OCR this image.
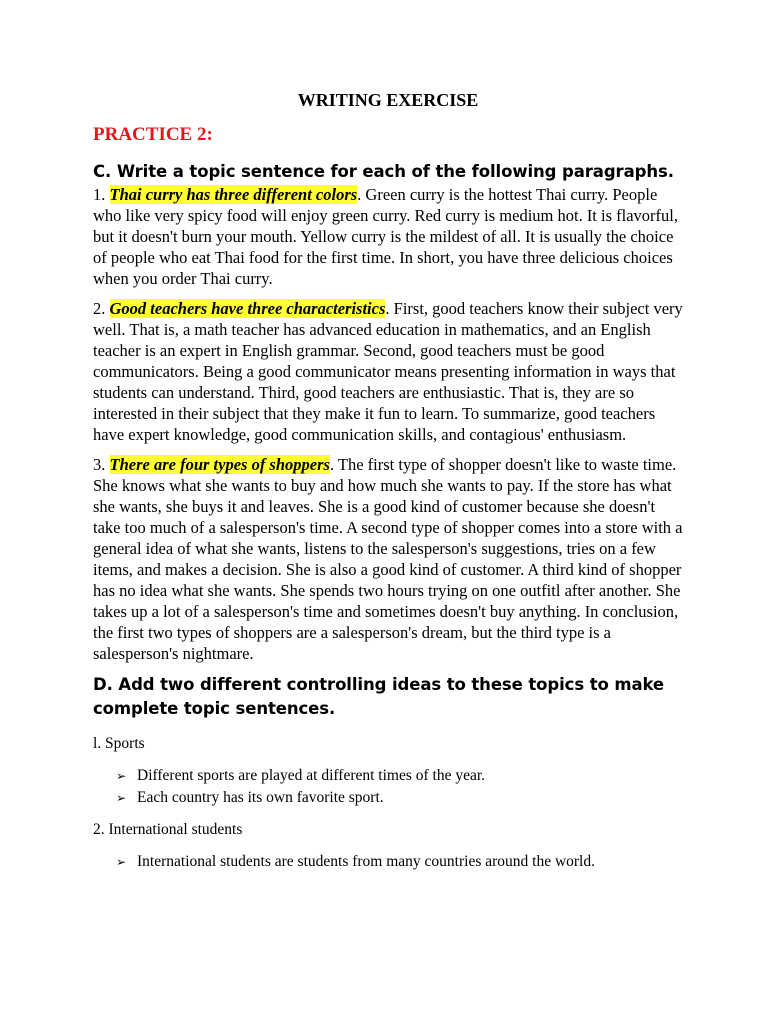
WRITING EXERCISE
PRACTICE 2:
C. Write a topic sentence for each of the following paragraphs.

1. Thai curry has three different colors. Green curry is the hottest Thai curry. People who like very spicy food will enjoy green curry. Red curry is medium hot. It is flavorful, but it doesn't burn your mouth. Yellow curry is the mildest of all. It is usually the choice of people who eat Thai food for the first time. In short, you have three delicious choices when you order Thai curry.

2. Good teachers have three characteristics. First, good teachers know their subject very well. That is, a math teacher has advanced education in mathematics, and an English teacher is an expert in English grammar. Second, good teachers must be good communicators. Being a good communicator means presenting information in ways that students can understand. Third, good teachers are enthusiastic. That is, they are so interested in their subject that they make it fun to learn. To summarize, good teachers have expert knowledge, good communication skills, and contagious' enthusiasm.

3. There are four types of shoppers. The first type of shopper doesn't like to waste time. She knows what she wants to buy and how much she wants to pay. If the store has what she wants, she buys it and leaves. She is a good kind of customer because she doesn't take too much of a salesperson's time. A second type of shopper comes into a store with a general idea of what she wants, listens to the salesperson's suggestions, tries on a few items, and makes a decision. She is also a good kind of customer. A third kind of shopper has no idea what she wants. She spends two hours trying on one outfitl after another. She takes up a lot of a salesperson's time and sometimes doesn't buy anything. In conclusion, the first two types of shoppers are a salesperson's dream, but the third type is a salesperson's nightmare.

D. Add two different controlling ideas to these topics to make complete topic sentences.
l. Sports
➢ Different sports are played at different times of the year.
➢ Each country has its own favorite sport.
2. International students
➢ International students are students from many countries around the world.
